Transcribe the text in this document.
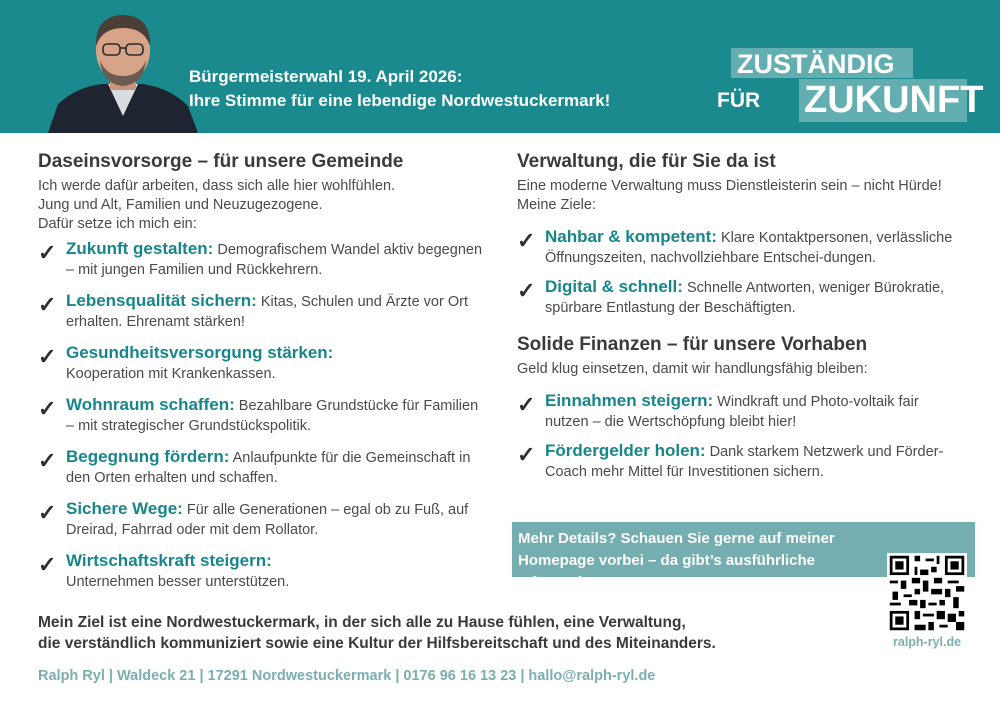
Bürgermeisterwahl 19. April 2026:
Ihre Stimme für eine lebendige Nordwestuckermark!
ZUSTÄNDIG
FÜR ZUKUNFT
Daseinsvorsorge – für unsere Gemeinde
Ich werde dafür arbeiten, dass sich alle hier wohlfühlen.
Jung und Alt, Familien und Neuzugezogene.
Dafür setze ich mich ein:
✓ Zukunft gestalten: Demografischem Wandel aktiv begegnen – mit jungen Familien und Rückkehrern.
✓ Lebensqualität sichern: Kitas, Schulen und Ärzte vor Ort erhalten. Ehrenamt stärken!
✓ Gesundheitsversorgung stärken:
Kooperation mit Krankenkassen.
✓ Wohnraum schaffen: Bezahlbare Grundstücke für Familien – mit strategischer Grundstückspolitik.
✓ Begegnung fördern: Anlaufpunkte für die Gemeinschaft in den Orten erhalten und schaffen.
✓ Sichere Wege: Für alle Generationen – egal ob zu Fuß, auf Dreirad, Fahrrad oder mit dem Rollator.
✓ Wirtschaftskraft steigern:
Unternehmen besser unterstützen.
Verwaltung, die für Sie da ist
Eine moderne Verwaltung muss Dienstleisterin sein – nicht Hürde! Meine Ziele:
✓ Nahbar & kompetent: Klare Kontaktpersonen, verlässliche Öffnungszeiten, nachvollziehbare Entschei-dungen.
✓ Digital & schnell: Schnelle Antworten, weniger Bürokratie, spürbare Entlastung der Beschäftigten.
Solide Finanzen – für unsere Vorhaben
Geld klug einsetzen, damit wir handlungsfähig bleiben:
✓ Einnahmen steigern: Windkraft und Photo-voltaik fair nutzen – die Wertschöpfung bleibt hier!
✓ Fördergelder holen: Dank starkem Netzwerk und Förder-Coach mehr Mittel für Investitionen sichern.
Mehr Details? Schauen Sie gerne auf meiner Homepage vorbei – da gibt’s ausführliche Informationen!
ralph-ryl.de
Mein Ziel ist eine Nordwestuckermark, in der sich alle zu Hause fühlen, eine Verwaltung,
die verständlich kommuniziert sowie eine Kultur der Hilfsbereitschaft und des Miteinanders.
Ralph Ryl | Waldeck 21 | 17291 Nordwestuckermark | 0176 96 16 13 23 | hallo@ralph-ryl.de
